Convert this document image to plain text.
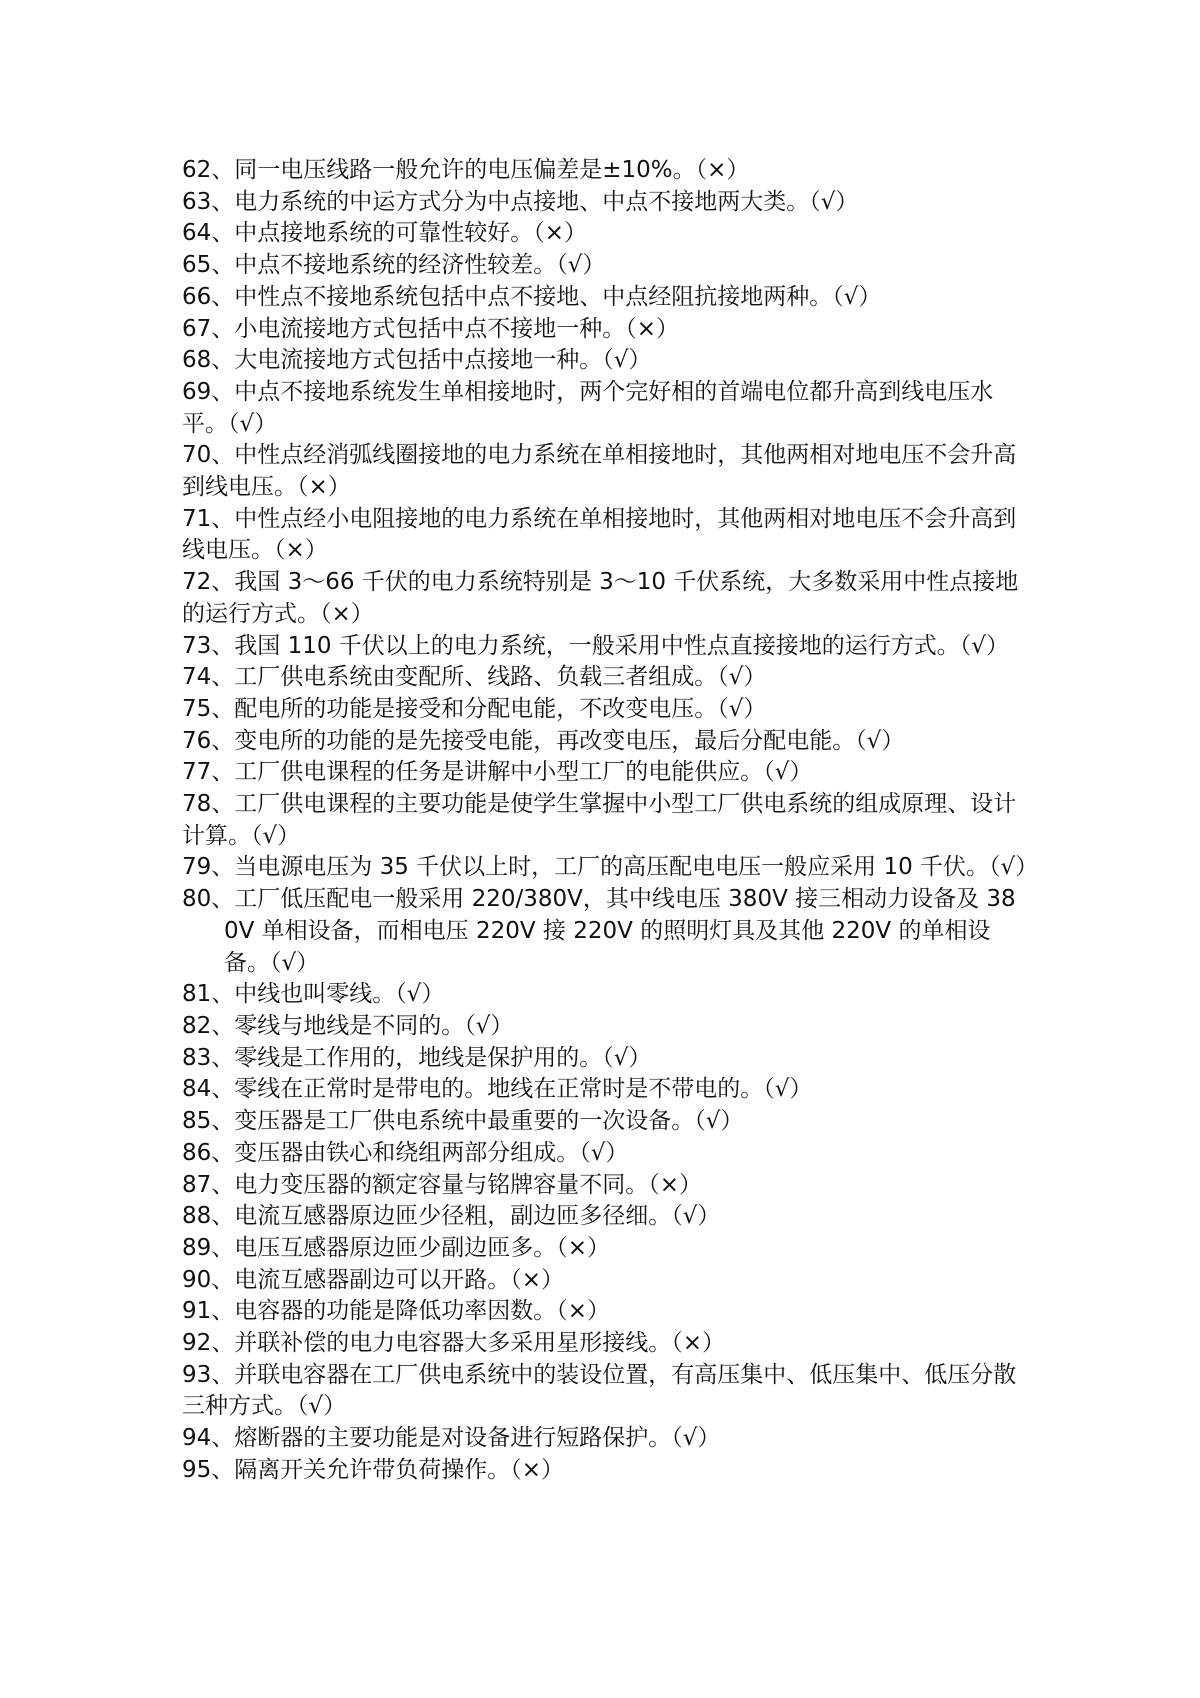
62、同一电压线路一般允许的电压偏差是±10%。（×）

63、电力系统的中运方式分为中点接地、中点不接地两大类。（√）

64、中点接地系统的可靠性较好。（×）

65、中点不接地系统的经济性较差。（√）

66、中性点不接地系统包括中点不接地、中点经阻抗接地两种。（√）

67、小电流接地方式包括中点不接地一种。（×）

68、大电流接地方式包括中点接地一种。（√）

69、中点不接地系统发生单相接地时，两个完好相的首端电位都升高到线电压水平。（√）

70、中性点经消弧线圈接地的电力系统在单相接地时，其他两相对地电压不会升高到线电压。（×）

71、中性点经小电阻接地的电力系统在单相接地时，其他两相对地电压不会升高到线电压。（×）

72、我国 3～66 千伏的电力系统特别是 3～10 千伏系统，大多数采用中性点接地的运行方式。（×）

73、我国 110 千伏以上的电力系统，一般采用中性点直接接地的运行方式。（√）

74、工厂供电系统由变配所、线路、负载三者组成。（√）

75、配电所的功能是接受和分配电能，不改变电压。（√）

76、变电所的功能的是先接受电能，再改变电压，最后分配电能。（√）

77、工厂供电课程的任务是讲解中小型工厂的电能供应。（√）

78、工厂供电课程的主要功能是使学生掌握中小型工厂供电系统的组成原理、设计计算。（√）

79、当电源电压为 35 千伏以上时，工厂的高压配电电压一般应采用 10 千伏。（√）

80、工厂低压配电一般采用 220/380V，其中线电压 380V 接三相动力设备及 380V 单相设备，而相电压 220V 接 220V 的照明灯具及其他 220V 的单相设备。（√）

81、中线也叫零线。（√）

82、零线与地线是不同的。（√）

83、零线是工作用的，地线是保护用的。（√）

84、零线在正常时是带电的。地线在正常时是不带电的。（√）

85、变压器是工厂供电系统中最重要的一次设备。（√）

86、变压器由铁心和绕组两部分组成。（√）

87、电力变压器的额定容量与铭牌容量不同。（×）

88、电流互感器原边匝少径粗，副边匝多径细。（√）

89、电压互感器原边匝少副边匝多。（×）

90、电流互感器副边可以开路。（×）

91、电容器的功能是降低功率因数。（×）

92、并联补偿的电力电容器大多采用星形接线。（×）

93、并联电容器在工厂供电系统中的装设位置，有高压集中、低压集中、低压分散三种方式。（√）

94、熔断器的主要功能是对设备进行短路保护。（√）

95、隔离开关允许带负荷操作。（×）
